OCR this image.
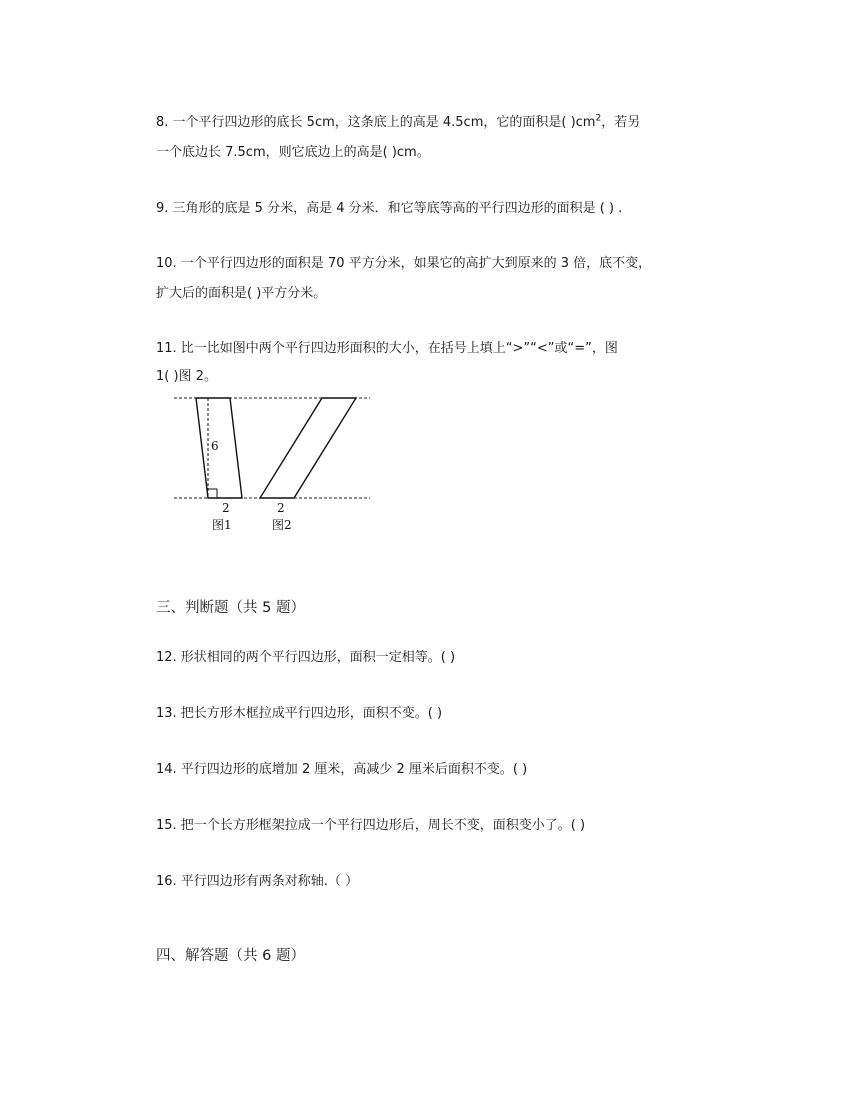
8. 一个平行四边形的底长 5cm，这条底上的高是 4.5cm，它的面积是( )$cm^2$，若另
一个底边长 7.5cm，则它底边上的高是( )cm。
9. 三角形的底是 5 分米，高是 4 分米．和它等底等高的平行四边形的面积是 ( ) .
10. 一个平行四边形的面积是 70 平方分米，如果它的高扩大到原来的 3 倍，底不变，
扩大后的面积是( )平方分米。
11. 比一比如图中两个平行四边形面积的大小，在括号上填上“>”“<”或“=”，图
1( )图 2。
6
2	2
图1	图2
三、判断题（共 5 题）
12. 形状相同的两个平行四边形，面积一定相等。( )
13. 把长方形木框拉成平行四边形，面积不变。( )
14. 平行四边形的底增加 2 厘米，高减少 2 厘米后面积不变。( )
15. 把一个长方形框架拉成一个平行四边形后，周长不变，面积变小了。( )
16. 平行四边形有两条对称轴.（ ）
四、解答题（共 6 题）
